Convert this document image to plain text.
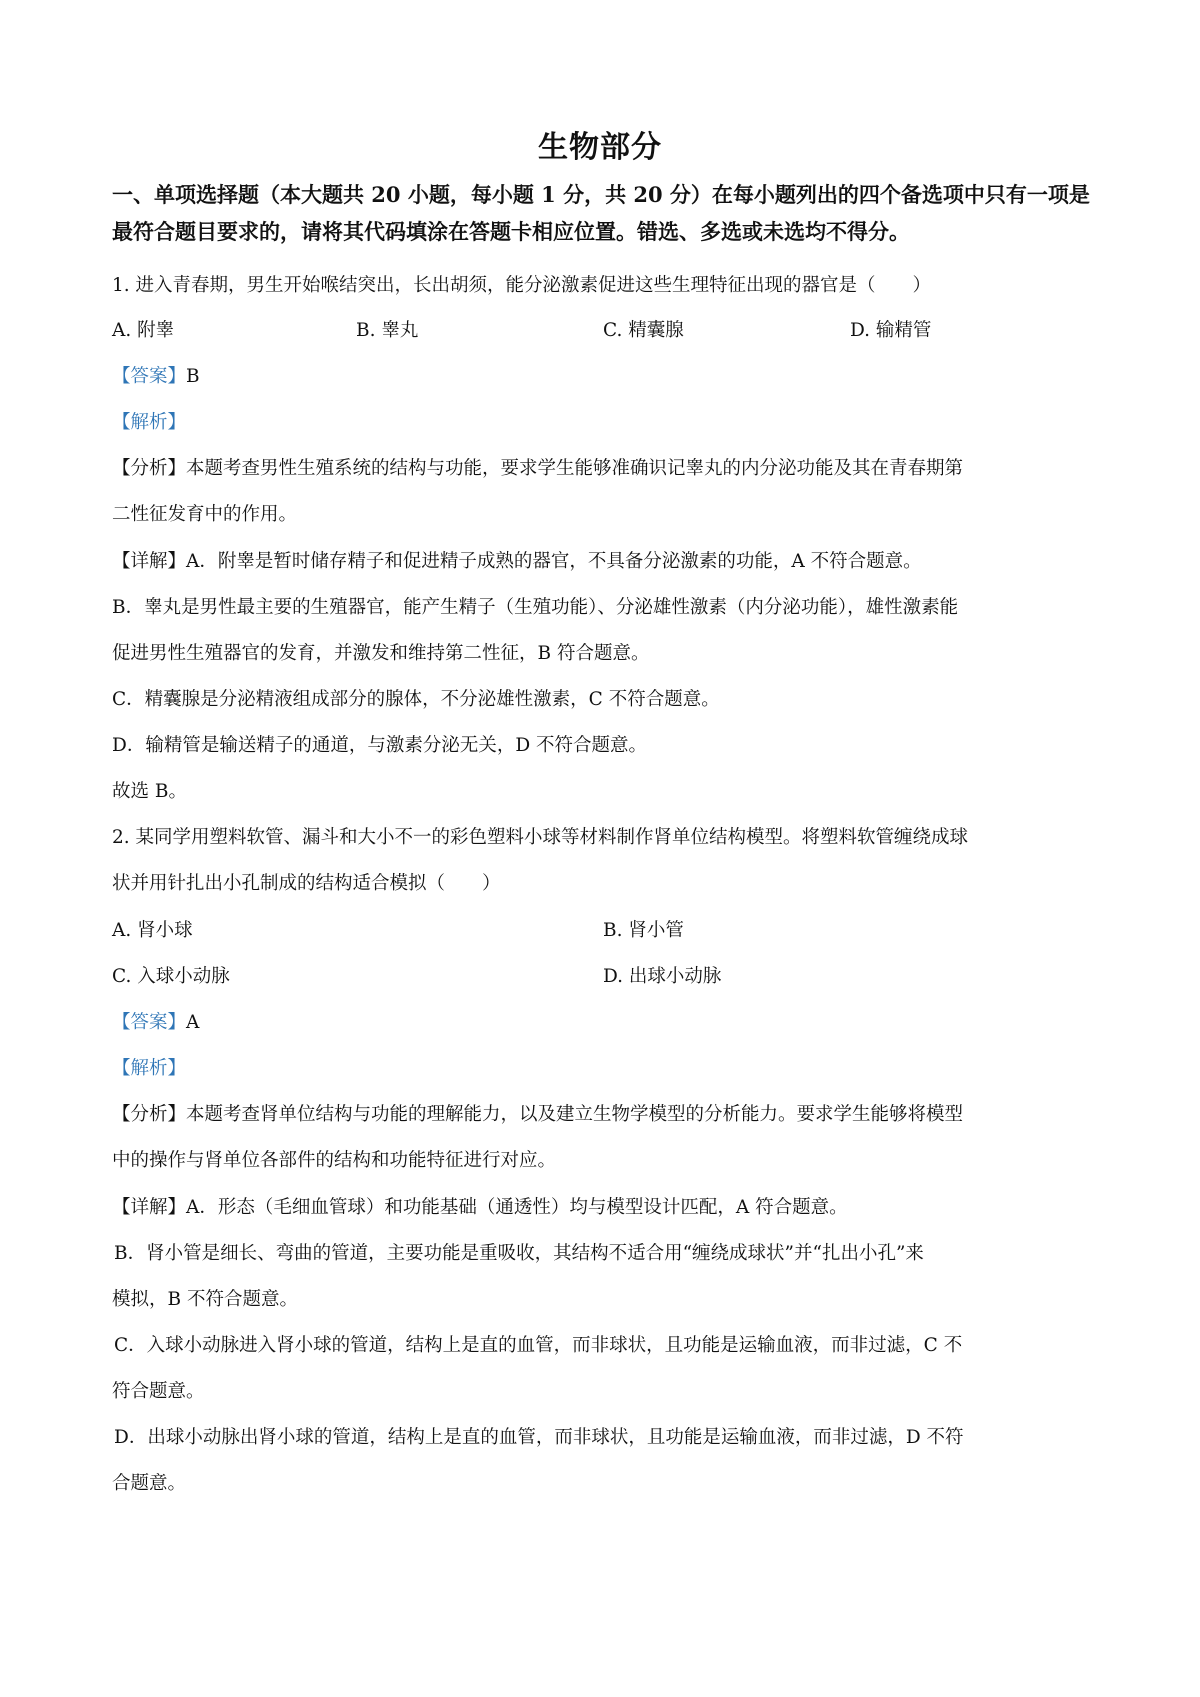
生物部分
一、单项选择题（本大题共 20 小题，每小题 1 分，共 20 分）在每小题列出的四个备选项中只有一项是最符合题目要求的，请将其代码填涂在答题卡相应位置。错选、多选或未选均不得分。
1. 进入青春期，男生开始喉结突出，长出胡须，能分泌激素促进这些生理特征出现的器官是（　　）
A. 附睾	B. 睾丸	C. 精囊腺	D. 输精管
【答案】B
【解析】
【分析】本题考查男性生殖系统的结构与功能，要求学生能够准确识记睾丸的内分泌功能及其在青春期第
二性征发育中的作用。
【详解】A．附睾是暂时储存精子和促进精子成熟的器官，不具备分泌激素的功能，A 不符合题意。
B．睾丸是男性最主要的生殖器官，能产生精子（生殖功能）、分泌雄性激素（内分泌功能），雄性激素能
促进男性生殖器官的发育，并激发和维持第二性征，B 符合题意。
C．精囊腺是分泌精液组成部分的腺体，不分泌雄性激素，C 不符合题意。
D．输精管是输送精子的通道，与激素分泌无关，D 不符合题意。
故选 B。
2. 某同学用塑料软管、漏斗和大小不一的彩色塑料小球等材料制作肾单位结构模型。将塑料软管缠绕成球
状并用针扎出小孔制成的结构适合模拟（　　）
A. 肾小球	B. 肾小管
C. 入球小动脉	D. 出球小动脉
【答案】A
【解析】
【分析】本题考查肾单位结构与功能的理解能力，以及建立生物学模型的分析能力。要求学生能够将模型
中的操作与肾单位各部件的结构和功能特征进行对应。
【详解】A．形态（毛细血管球）和功能基础（通透性）均与模型设计匹配，A 符合题意。
B．肾小管是细长、弯曲的管道，主要功能是重吸收，其结构不适合用“缠绕成球状”并“扎出小孔”来
模拟，B 不符合题意。
C．入球小动脉进入肾小球的管道，结构上是直的血管，而非球状，且功能是运输血液，而非过滤，C 不
符合题意。
D．出球小动脉出肾小球的管道，结构上是直的血管，而非球状，且功能是运输血液，而非过滤，D 不符
合题意。
